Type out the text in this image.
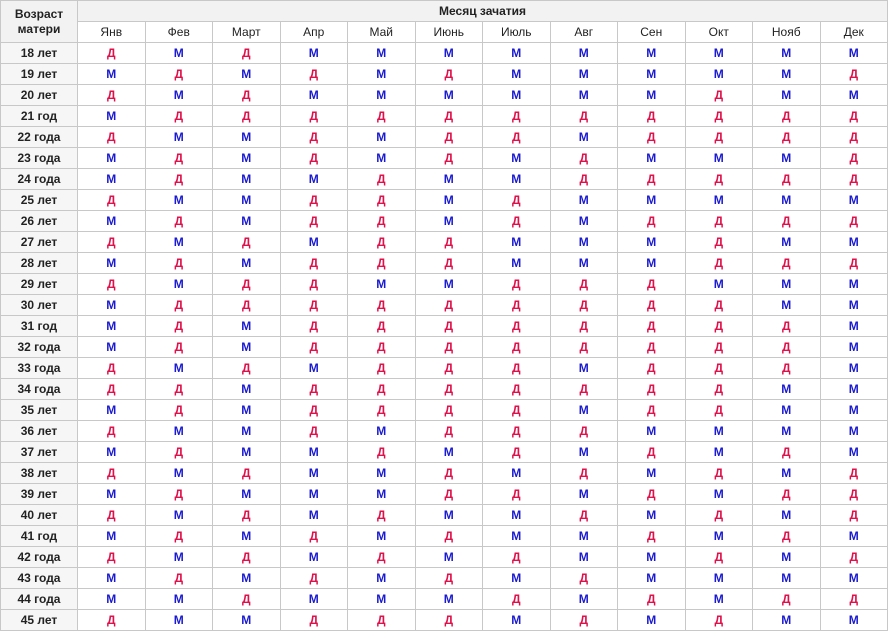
Возраст
матери	Месяц зачатия											
	Янв	Фев	Март	Апр	Май	Июнь	Июль	Авг	Сен	Окт	Нояб	Дек
18 лет	Д	М	Д	М	М	М	М	М	М	М	М	М
19 лет	М	Д	М	Д	М	Д	М	М	М	М	М	Д
20 лет	Д	М	Д	М	М	М	М	М	М	Д	М	М
21 год	М	Д	Д	Д	Д	Д	Д	Д	Д	Д	Д	Д
22 года	Д	М	М	Д	М	Д	Д	М	Д	Д	Д	Д
23 года	М	Д	М	Д	М	Д	М	Д	М	М	М	Д
24 года	М	Д	М	М	Д	М	М	Д	Д	Д	Д	Д
25 лет	Д	М	М	Д	Д	М	Д	М	М	М	М	М
26 лет	М	Д	М	Д	Д	М	Д	М	Д	Д	Д	Д
27 лет	Д	М	Д	М	Д	Д	М	М	М	Д	М	М
28 лет	М	Д	М	Д	Д	Д	М	М	М	Д	Д	Д
29 лет	Д	М	Д	Д	М	М	Д	Д	Д	М	М	М
30 лет	М	Д	Д	Д	Д	Д	Д	Д	Д	Д	М	М
31 год	М	Д	М	Д	Д	Д	Д	Д	Д	Д	Д	М
32 года	М	Д	М	Д	Д	Д	Д	Д	Д	Д	Д	М
33 года	Д	М	Д	М	Д	Д	Д	М	Д	Д	Д	М
34 года	Д	Д	М	Д	Д	Д	Д	Д	Д	Д	М	М
35 лет	М	Д	М	Д	Д	Д	Д	М	Д	Д	М	М
36 лет	Д	М	М	Д	М	Д	Д	Д	М	М	М	М
37 лет	М	Д	М	М	Д	М	Д	М	Д	М	Д	М
38 лет	Д	М	Д	М	М	Д	М	Д	М	Д	М	Д
39 лет	М	Д	М	М	М	Д	Д	М	Д	М	Д	Д
40 лет	Д	М	Д	М	Д	М	М	Д	М	Д	М	Д
41 год	М	Д	М	Д	М	Д	М	М	Д	М	Д	М
42 года	Д	М	Д	М	Д	М	Д	М	М	Д	М	Д
43 года	М	Д	М	Д	М	Д	М	Д	М	М	М	М
44 года	М	М	Д	М	М	М	Д	М	Д	М	Д	Д
45 лет	Д	М	М	Д	Д	Д	М	Д	М	Д	М	М
